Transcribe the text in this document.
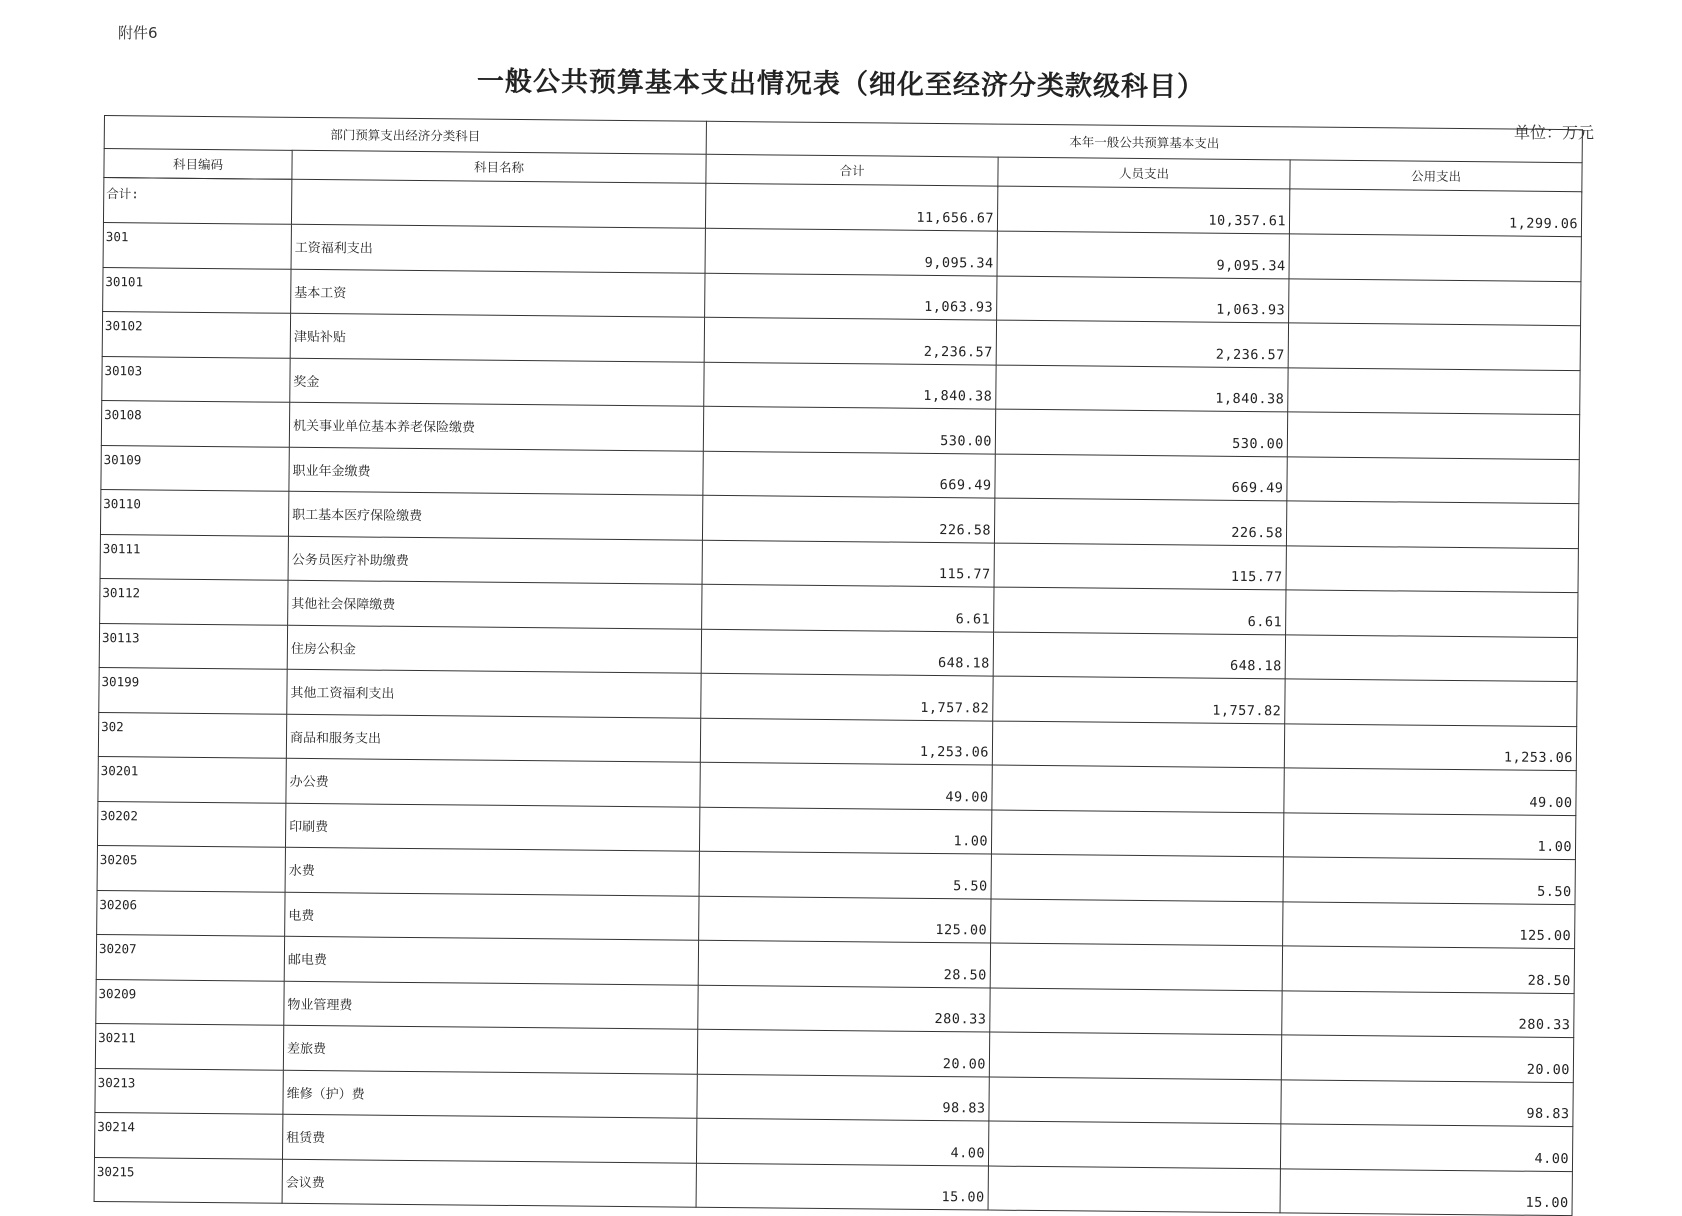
附件6
一般公共预算基本支出情况表（细化至经济分类款级科目）
单位：万元
部门预算支出经济分类科目		本年一般公共预算基本支出		
科目编码	科目名称	合计	人员支出	公用支出

合计:		11,656.67	10,357.61	1,299.06
301	工资福利支出	9,095.34	9,095.34	
30101	基本工资	1,063.93	1,063.93	
30102	津贴补贴	2,236.57	2,236.57	
30103	奖金	1,840.38	1,840.38	
30108	机关事业单位基本养老保险缴费	530.00	530.00	
30109	职业年金缴费	669.49	669.49	
30110	职工基本医疗保险缴费	226.58	226.58	
30111	公务员医疗补助缴费	115.77	115.77	
30112	其他社会保障缴费	6.61	6.61	
30113	住房公积金	648.18	648.18	
30199	其他工资福利支出	1,757.82	1,757.82	
302	商品和服务支出	1,253.06		1,253.06
30201	办公费	49.00		49.00
30202	印刷费	1.00		1.00
30205	水费	5.50		5.50
30206	电费	125.00		125.00
30207	邮电费	28.50		28.50
30209	物业管理费	280.33		280.33
30211	差旅费	20.00		20.00
30213	维修（护）费	98.83		98.83
30214	租赁费	4.00		4.00
30215	会议费	15.00		15.00
